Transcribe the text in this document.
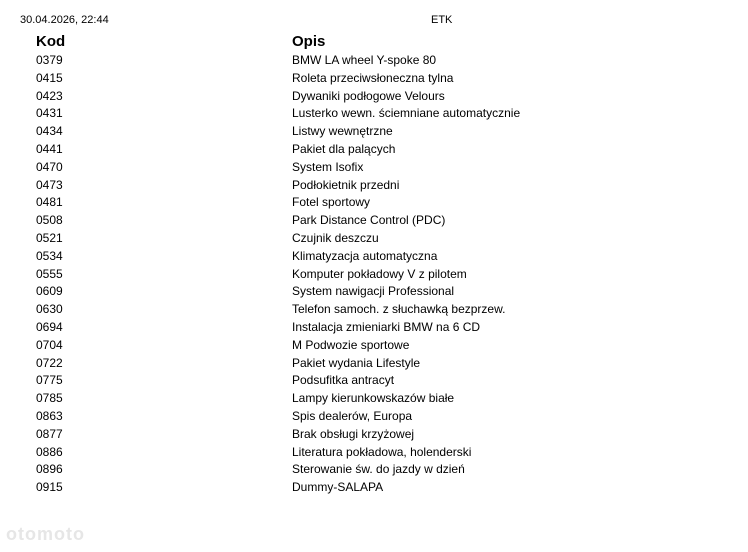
30.04.2026, 22:44	ETK
Kod	Opis
0379	BMW LA wheel Y-spoke 80
0415	Roleta przeciwsłoneczna tylna
0423	Dywaniki podłogowe Velours
0431	Lusterko wewn. ściemniane automatycznie
0434	Listwy wewnętrzne
0441	Pakiet dla palących
0470	System Isofix
0473	Podłokietnik przedni
0481	Fotel sportowy
0508	Park Distance Control (PDC)
0521	Czujnik deszczu
0534	Klimatyzacja automatyczna
0555	Komputer pokładowy V z pilotem
0609	System nawigacji Professional
0630	Telefon samoch. z słuchawką bezprzew.
0694	Instalacja zmieniarki BMW na 6 CD
0704	M Podwozie sportowe
0722	Pakiet wydania Lifestyle
0775	Podsufitka antracyt
0785	Lampy kierunkowskazów białe
0863	Spis dealerów, Europa
0877	Brak obsługi krzyżowej
0886	Literatura pokładowa, holenderski
0896	Sterowanie św. do jazdy w dzień
0915	Dummy-SALAPA
otomoto
